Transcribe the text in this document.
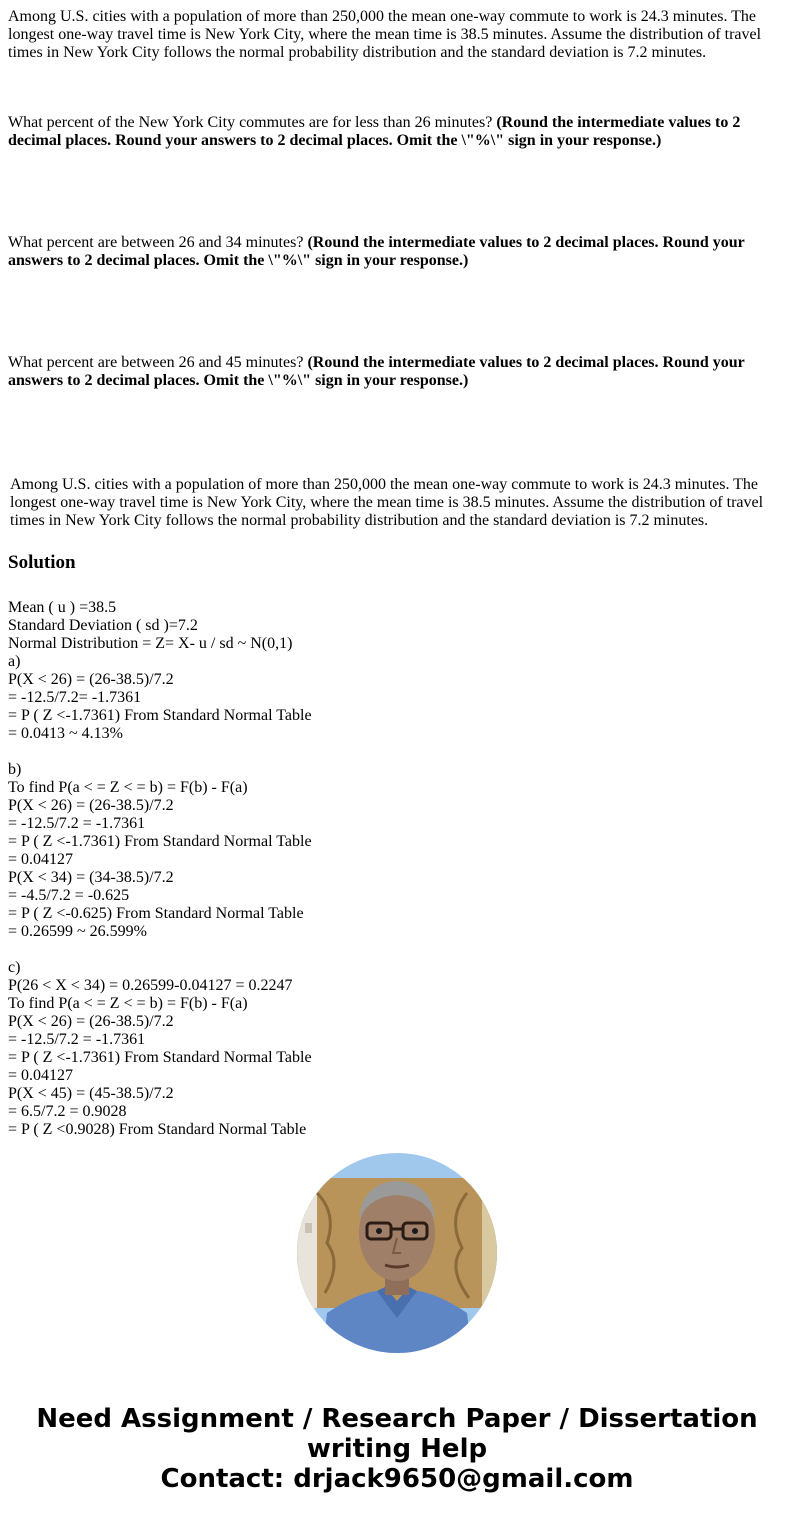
Among U.S. cities with a population of more than 250,000 the mean one-way commute to work is 24.3 minutes. The longest one-way travel time is New York City, where the mean time is 38.5 minutes. Assume the distribution of travel times in New York City follows the normal probability distribution and the standard deviation is 7.2 minutes.

What percent of the New York City commutes are for less than 26 minutes? (Round the intermediate values to 2 decimal places. Round your answers to 2 decimal places. Omit the \"%\" sign in your response.)

What percent are between 26 and 34 minutes? (Round the intermediate values to 2 decimal places. Round your answers to 2 decimal places. Omit the \"%\" sign in your response.)

What percent are between 26 and 45 minutes? (Round the intermediate values to 2 decimal places. Round your answers to 2 decimal places. Omit the \"%\" sign in your response.)

Among U.S. cities with a population of more than 250,000 the mean one-way commute to work is 24.3 minutes. The longest one-way travel time is New York City, where the mean time is 38.5 minutes. Assume the distribution of travel times in New York City follows the normal probability distribution and the standard deviation is 7.2 minutes.

Solution
Mean ( u ) =38.5
Standard Deviation ( sd )=7.2
Normal Distribution = Z= X- u / sd ~ N(0,1)
a)
P(X < 26) = (26-38.5)/7.2
= -12.5/7.2= -1.7361
= P ( Z <-1.7361) From Standard Normal Table
= 0.0413 ~ 4.13%
b)
To find P(a < = Z < = b) = F(b) - F(a)
P(X < 26) = (26-38.5)/7.2
= -12.5/7.2 = -1.7361
= P ( Z <-1.7361) From Standard Normal Table
= 0.04127
P(X < 34) = (34-38.5)/7.2
= -4.5/7.2 = -0.625
= P ( Z <-0.625) From Standard Normal Table
= 0.26599 ~ 26.599%
c)
P(26 < X < 34) = 0.26599-0.04127 = 0.2247
To find P(a < = Z < = b) = F(b) - F(a)
P(X < 26) = (26-38.5)/7.2
= -12.5/7.2 = -1.7361
= P ( Z <-1.7361) From Standard Normal Table
= 0.04127
P(X < 45) = (45-38.5)/7.2
= 6.5/7.2 = 0.9028
= P ( Z <0.9028) From Standard Normal Table
Need Assignment / Research Paper / Dissertation
writing Help
Contact: drjack9650@gmail.com
